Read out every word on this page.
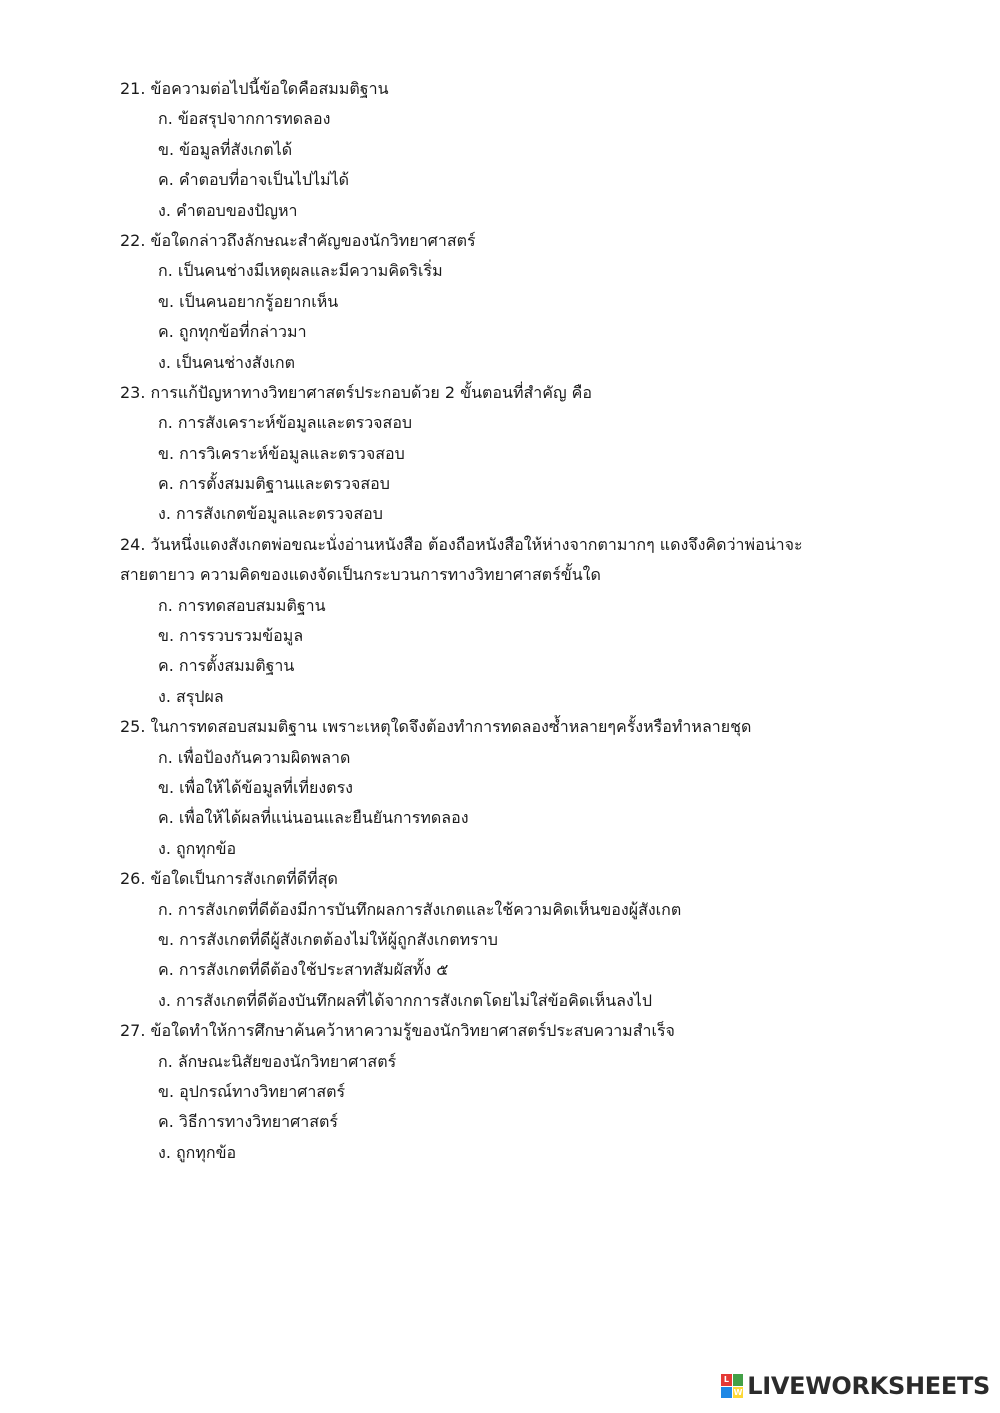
21. ข้อความต่อไปนี้ข้อใดคือสมมติฐาน
ก. ข้อสรุปจากการทดลอง
ข. ข้อมูลที่สังเกตได้
ค. คำตอบที่อาจเป็นไปไม่ได้
ง. คำตอบของปัญหา
22. ข้อใดกล่าวถึงลักษณะสำคัญของนักวิทยาศาสตร์
ก. เป็นคนช่างมีเหตุผลและมีความคิดริเริ่ม
ข. เป็นคนอยากรู้อยากเห็น
ค. ถูกทุกข้อที่กล่าวมา
ง. เป็นคนช่างสังเกต
23. การแก้ปัญหาทางวิทยาศาสตร์ประกอบด้วย 2 ขั้นตอนที่สำคัญ คือ
ก. การสังเคราะห์ข้อมูลและตรวจสอบ
ข. การวิเคราะห์ข้อมูลและตรวจสอบ
ค. การตั้งสมมติฐานและตรวจสอบ
ง. การสังเกตข้อมูลและตรวจสอบ
24. วันหนึ่งแดงสังเกตพ่อขณะนั่งอ่านหนังสือ ต้องถือหนังสือให้ห่างจากตามากๆ แดงจึงคิดว่าพ่อน่าจะ
สายตายาว ความคิดของแดงจัดเป็นกระบวนการทางวิทยาศาสตร์ขั้นใด
ก. การทดสอบสมมติฐาน
ข. การรวบรวมข้อมูล
ค. การตั้งสมมติฐาน
ง. สรุปผล
25. ในการทดสอบสมมติฐาน เพราะเหตุใดจึงต้องทำการทดลองซ้ำหลายๆครั้งหรือทำหลายชุด
ก. เพื่อป้องกันความผิดพลาด
ข. เพื่อให้ได้ข้อมูลที่เที่ยงตรง
ค. เพื่อให้ได้ผลที่แน่นอนและยืนยันการทดลอง
ง. ถูกทุกข้อ
26. ข้อใดเป็นการสังเกตที่ดีที่สุด
ก. การสังเกตที่ดีต้องมีการบันทึกผลการสังเกตและใช้ความคิดเห็นของผู้สังเกต
ข. การสังเกตที่ดีผู้สังเกตต้องไม่ให้ผู้ถูกสังเกตทราบ
ค. การสังเกตที่ดีต้องใช้ประสาทสัมผัสทั้ง ๕
ง. การสังเกตที่ดีต้องบันทึกผลที่ได้จากการสังเกตโดยไม่ใส่ข้อคิดเห็นลงไป
27. ข้อใดทำให้การศึกษาค้นคว้าหาความรู้ของนักวิทยาศาสตร์ประสบความสำเร็จ
ก. ลักษณะนิสัยของนักวิทยาศาสตร์
ข. อุปกรณ์ทางวิทยาศาสตร์
ค. วิธีการทางวิทยาศาสตร์
ง. ถูกทุกข้อ
L
W LIVEWORKSHEETS
